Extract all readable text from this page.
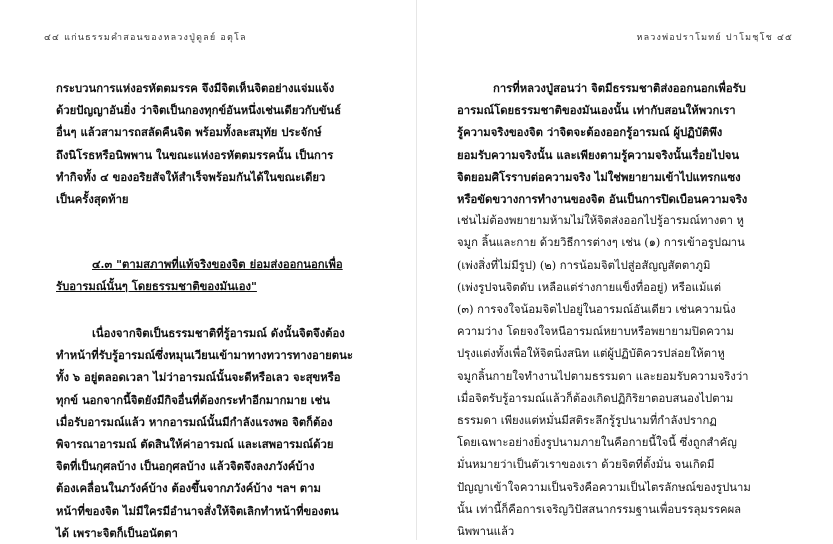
๔๔ แก่นธรรมคำสอนของหลวงปู่ดูลย์ อตุโล

กระบวนการแห่งอรหัตตมรรค จึงมีจิตเห็นจิตอย่างแจ่มแจ้ง

ด้วยปัญญาอันยิ่ง ว่าจิตเป็นกองทุกข์อันหนึ่งเช่นเดียวกับขันธ์

อื่นๆ แล้วสามารถสลัดคืนจิต พร้อมทั้งละสมุทัย ประจักษ์

ถึงนิโรธหรือนิพพาน ในขณะแห่งอรหัตตมรรคนั้น เป็นการ

ทำกิจทั้ง ๔ ของอริยสัจให้สำเร็จพร้อมกันได้ในขณะเดียว

เป็นครั้งสุดท้าย

๔.๓ "ตามสภาพที่แท้จริงของจิต ย่อมส่งออกนอกเพื่อ

รับอารมณ์นั้นๆ โดยธรรมชาติของมันเอง"

เนื่องจากจิตเป็นธรรมชาติที่รู้อารมณ์ ดังนั้นจิตจึงต้อง

ทำหน้าที่รับรู้อารมณ์ซึ่งหมุนเวียนเข้ามาทางทวารทางอายตนะ

ทั้ง ๖ อยู่ตลอดเวลา ไม่ว่าอารมณ์นั้นจะดีหรือเลว จะสุขหรือ

ทุกข์ นอกจากนี้จิตยังมีกิจอื่นที่ต้องกระทำอีกมากมาย เช่น

เมื่อรับอารมณ์แล้ว หากอารมณ์นั้นมีกำลังแรงพอ จิตก็ต้อง

พิจารณาอารมณ์ ตัดสินให้ค่าอารมณ์ และเสพอารมณ์ด้วย

จิตที่เป็นกุศลบ้าง เป็นอกุศลบ้าง แล้วจิตจึงลงภวังค์บ้าง

ต้องเคลื่อนในภวังค์บ้าง ต้องขึ้นจากภวังค์บ้าง ฯลฯ ตาม

หน้าที่ของจิต ไม่มีใครมีอำนาจสั่งให้จิตเลิกทำหน้าที่ของตน

ได้ เพราะจิตก็เป็นอนัตตา

หลวงพ่อปราโมทย์ ปาโมชฺโช ๔๕

การที่หลวงปู่สอนว่า จิตมีธรรมชาติส่งออกนอกเพื่อรับ

อารมณ์โดยธรรมชาติของมันเองนั้น เท่ากับสอนให้พวกเรา

รู้ความจริงของจิต ว่าจิตจะต้องออกรู้อารมณ์ ผู้ปฏิบัติพึง

ยอมรับความจริงนั้น และเพียงตามรู้ความจริงนั้นเรื่อยไปจน

จิตยอมศิโรราบต่อความจริง ไม่ใช่พยายามเข้าไปแทรกแซง

หรือขัดขวางการทำงานของจิต อันเป็นการปิดเบือนความจริง

เช่นไม่ต้องพยายามห้ามไม่ให้จิตส่งออกไปรู้อารมณ์ทางตา หู

จมูก ลิ้นและกาย ด้วยวิธีการต่างๆ เช่น (๑) การเข้าอรูปฌาน

(เพ่งสิ่งที่ไม่มีรูป) (๒) การน้อมจิตไปสู่อสัญญสัตตาภูมิ

(เพ่งรูปจนจิตดับ เหลือแต่ร่างกายแข็งทื่ออยู่) หรือแม้แต่

(๓) การจงใจน้อมจิตไปอยู่ในอารมณ์อันเดียว เช่นความนิ่ง

ความว่าง โดยจงใจหนีอารมณ์หยาบหรือพยายามปิดความ

ปรุงแต่งทั้งเพื่อให้จิตนิ่งสนิท แต่ผู้ปฏิบัติควรปล่อยให้ตาหู

จมูกลิ้นกายใจทำงานไปตามธรรมดา และยอมรับความจริงว่า

เมื่อจิตรับรู้อารมณ์แล้วก็ต้องเกิดปฏิกิริยาตอบสนองไปตาม

ธรรมดา เพียงแต่หมั่นมีสติระลึกรู้รูปนามที่กำลังปรากฏ

โดยเฉพาะอย่างยิ่งรูปนามภายในคือกายนี้ใจนี้ ซึ่งถูกสำคัญ

มั่นหมายว่าเป็นตัวเราของเรา ด้วยจิตที่ตั้งมั่น จนเกิดมี

ปัญญาเข้าใจความเป็นจริงคือความเป็นไตรลักษณ์ของรูปนาม

นั้น เท่านี้ก็คือการเจริญวิปัสสนากรรมฐานเพื่อบรรลุมรรคผล

นิพพานแล้ว
